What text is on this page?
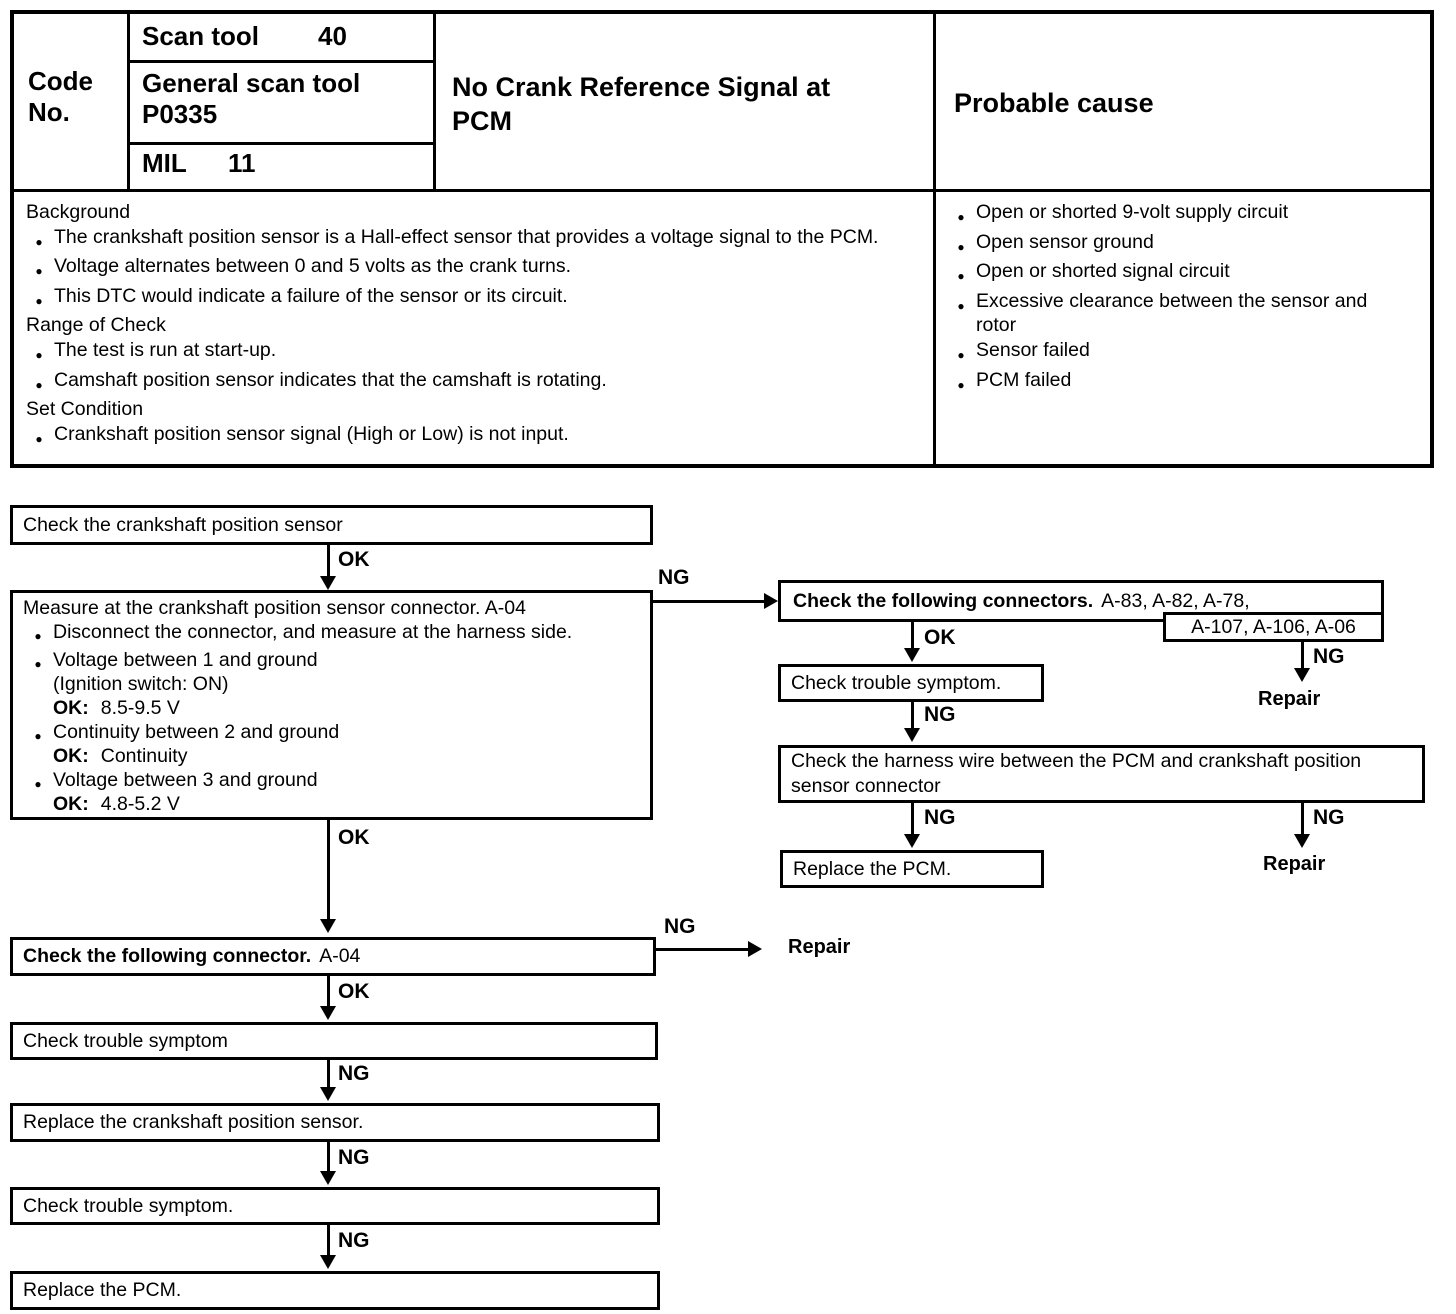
Code
No.
Scan tool 40
General scan tool
P0335
MIL 11
No Crank Reference Signal at PCM
Probable cause
Background
● The crankshaft position sensor is a Hall-effect sensor that provides a voltage signal to the PCM.
● Voltage alternates between 0 and 5 volts as the crank turns.
● This DTC would indicate a failure of the sensor or its circuit.
Range of Check
● The test is run at start-up.
● Camshaft position sensor indicates that the camshaft is rotating.
Set Condition
● Crankshaft position sensor signal (High or Low) is not input.
● Open or shorted 9-volt supply circuit
● Open sensor ground
● Open or shorted signal circuit
● Excessive clearance between the sensor and rotor
● Sensor failed
● PCM failed
Check the crankshaft position sensor
OK
Measure at the crankshaft position sensor connector. A-04
● Disconnect the connector, and measure at the harness side.
● Voltage between 1 and ground
(Ignition switch: ON)
OK: 8.5-9.5 V
● Continuity between 2 and ground
OK: Continuity
● Voltage between 3 and ground
OK: 4.8-5.2 V
NG
Check the following connectors. A-83, A-82, A-78,
A-107, A-106, A-06
OK
NG
Repair
Check trouble symptom.
NG
Check the harness wire between the PCM and crankshaft position sensor connector
NG	NG
Repair
Replace the PCM.
OK
Check the following connector. A-04
NG
Repair
OK
Check trouble symptom
NG
Replace the crankshaft position sensor.
NG
Check trouble symptom.
NG
Replace the PCM.
